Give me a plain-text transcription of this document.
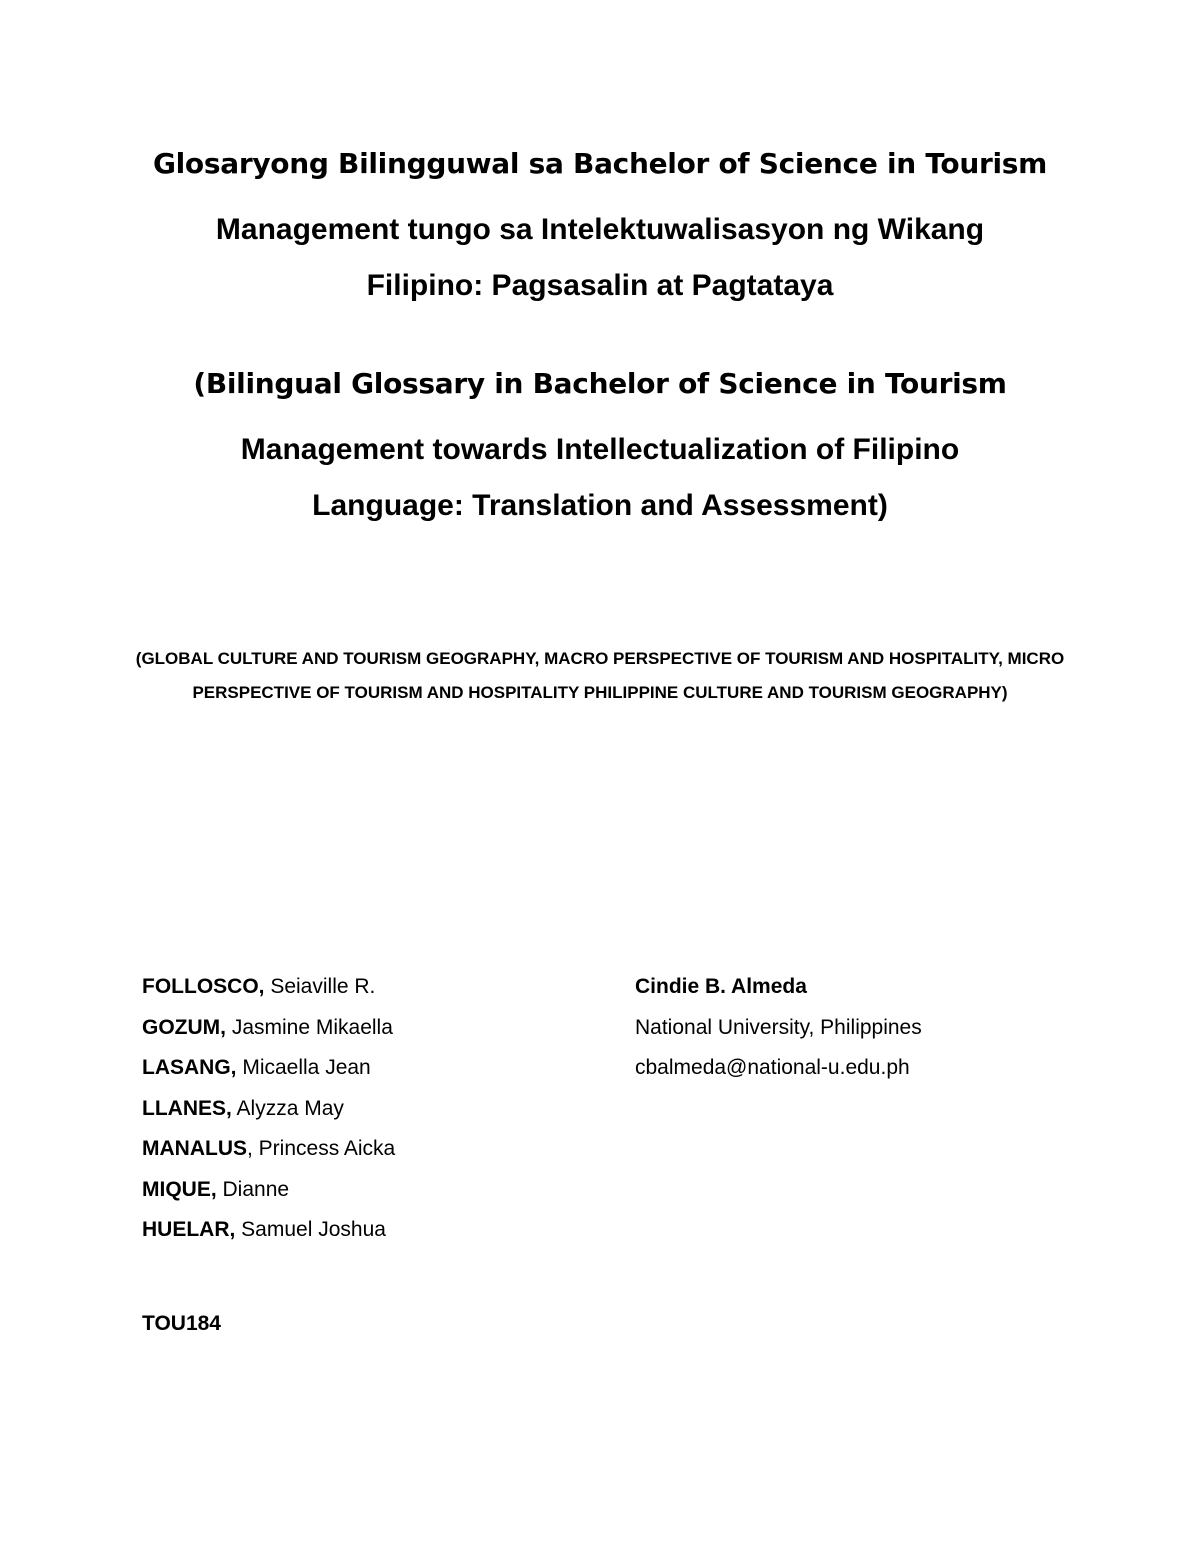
Glosaryong Bilingguwal sa Bachelor of Science in Tourism
Management tungo sa Intelektuwalisasyon ng Wikang
Filipino: Pagsasalin at Pagtataya
(Bilingual Glossary in Bachelor of Science in Tourism
Management towards Intellectualization of Filipino
Language: Translation and Assessment)
(GLOBAL CULTURE AND TOURISM GEOGRAPHY, MACRO PERSPECTIVE OF TOURISM AND HOSPITALITY, MICRO PERSPECTIVE OF TOURISM AND HOSPITALITY PHILIPPINE CULTURE AND TOURISM GEOGRAPHY)
FOLLOSCO, Seiaville R.
GOZUM, Jasmine Mikaella
LASANG, Micaella Jean
LLANES, Alyzza May
MANALUS, Princess Aicka
MIQUE, Dianne
HUELAR, Samuel Joshua
Cindie B. Almeda
National University, Philippines
cbalmeda@national-u.edu.ph
TOU184
